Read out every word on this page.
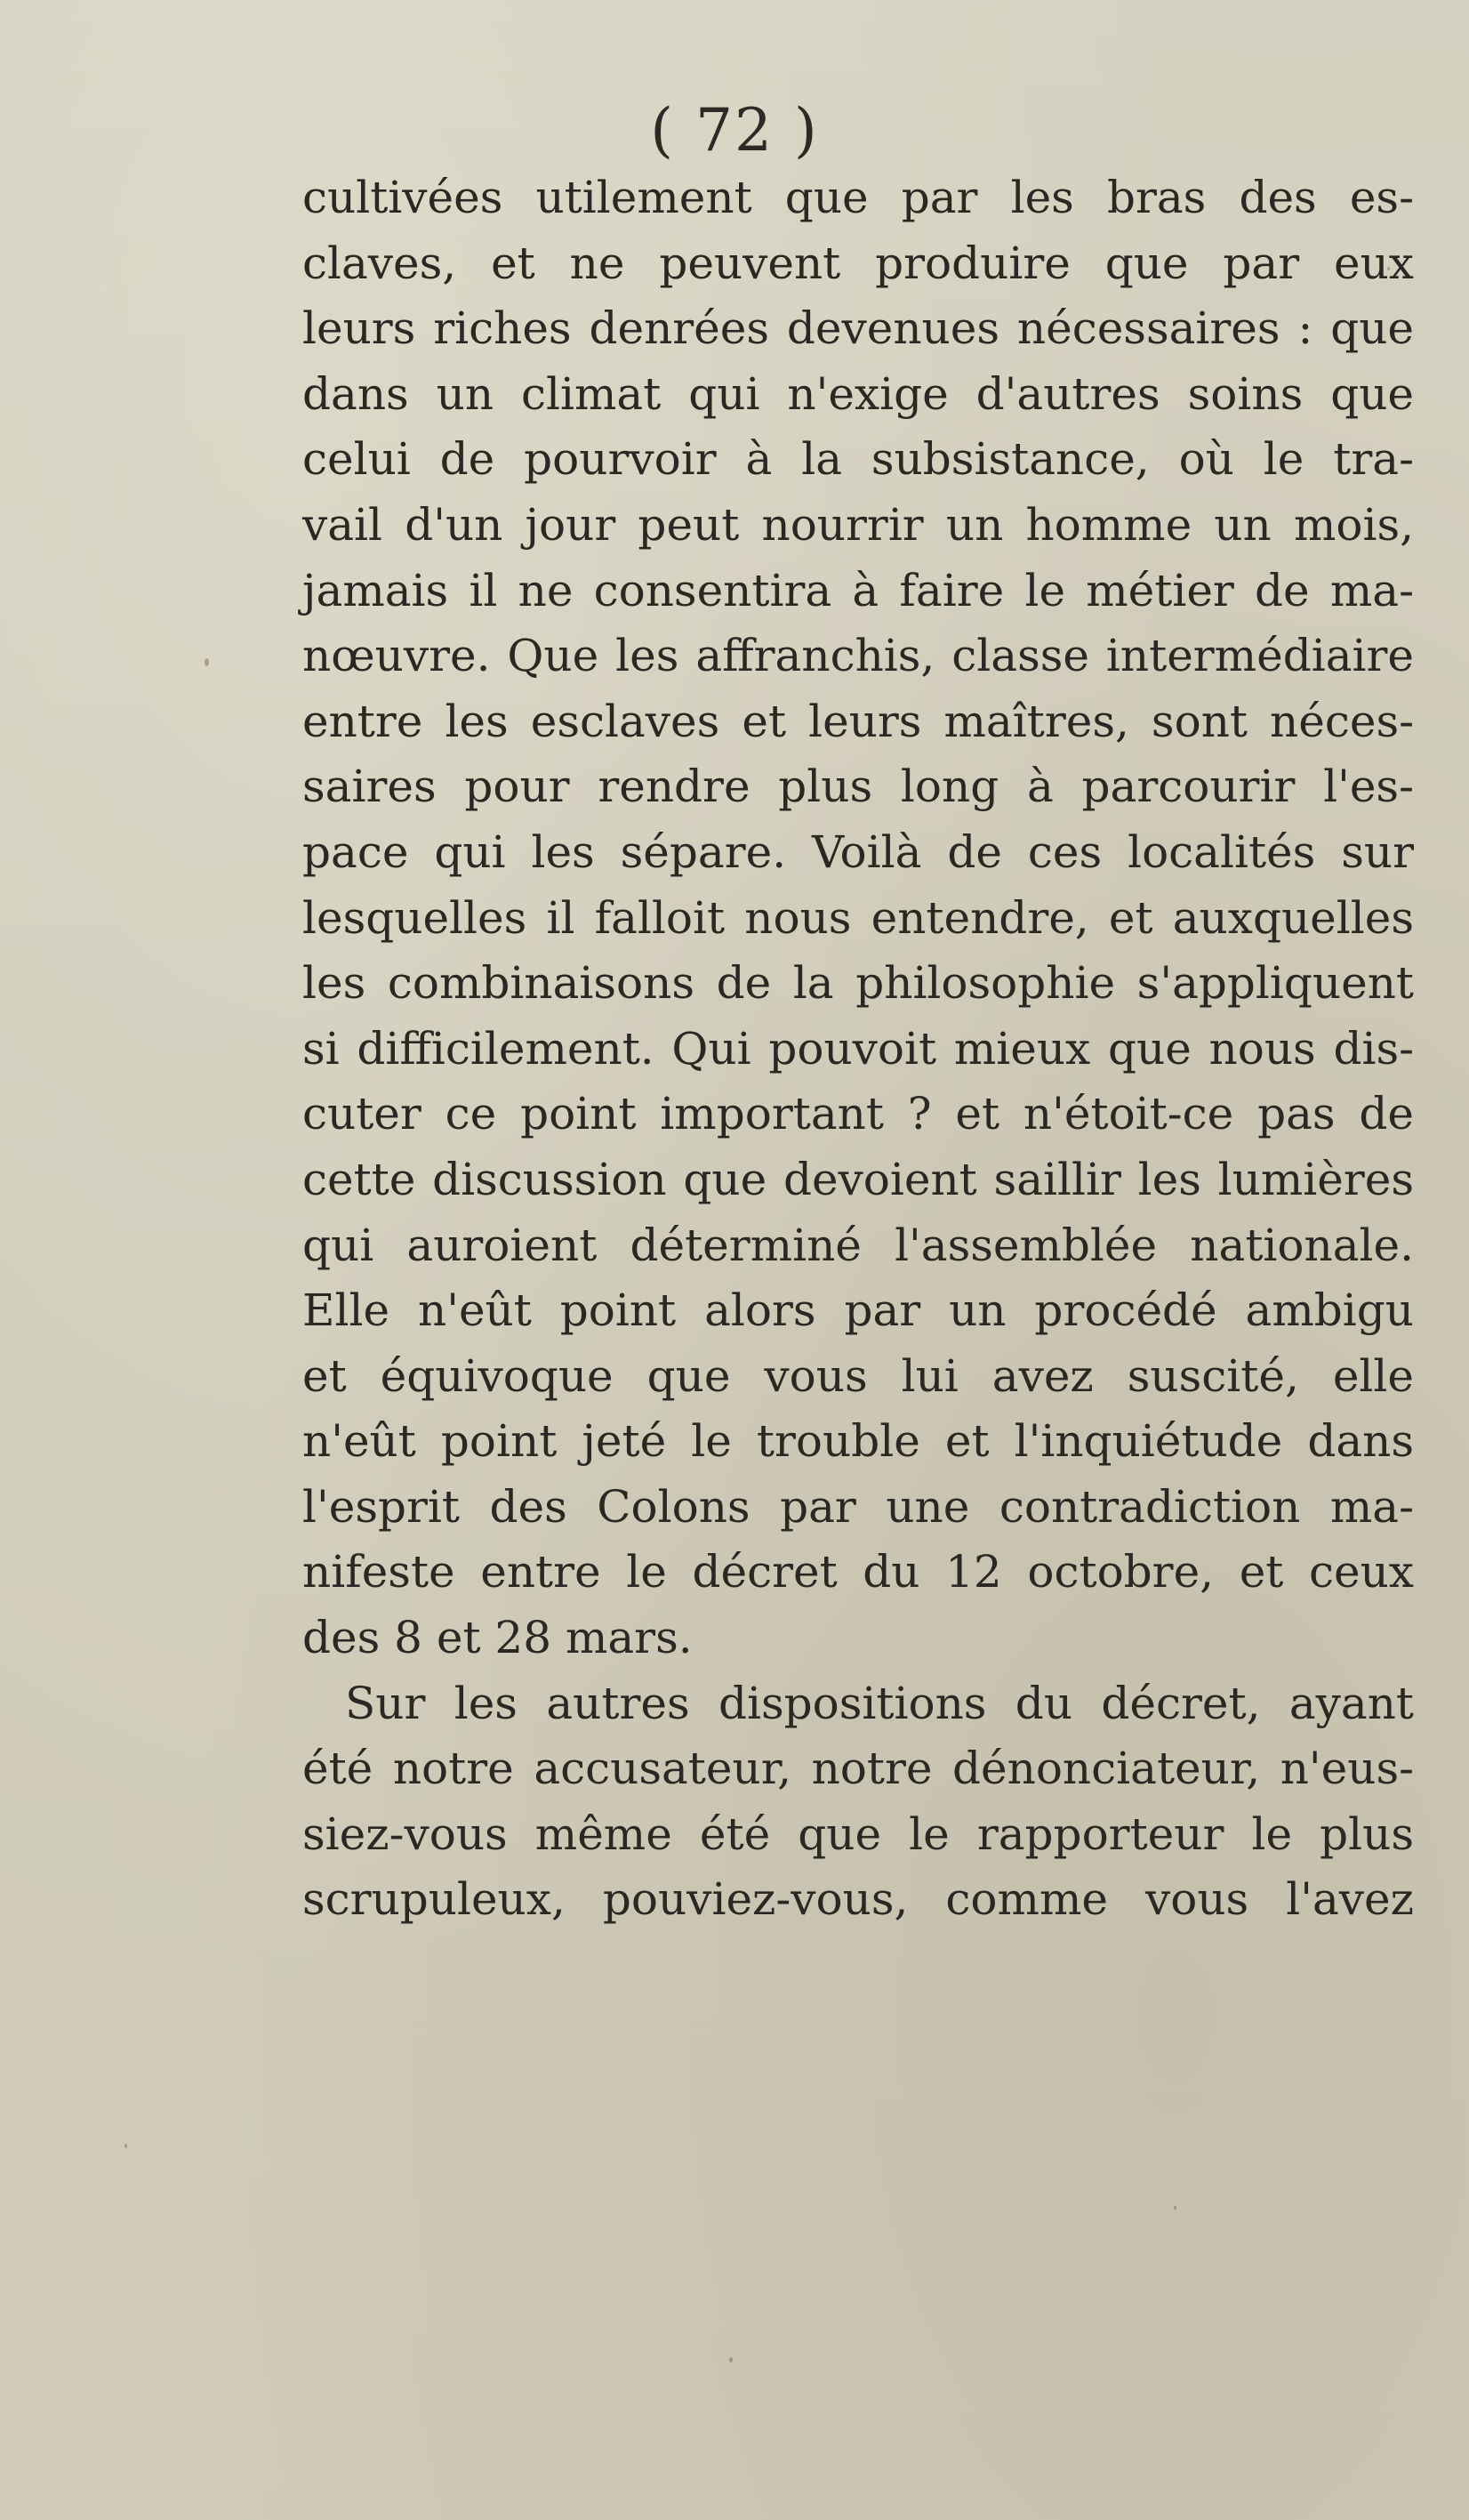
( 72 )
cultivées utilement que par les bras des es-
claves, et ne peuvent produire que par eux
leurs riches denrées devenues nécessaires : que
dans un climat qui n'exige d'autres soins que
celui de pourvoir à la subsistance, où le tra-
vail d'un jour peut nourrir un homme un mois,
jamais il ne consentira à faire le métier de ma-
nœuvre. Que les affranchis, classe intermédiaire
entre les esclaves et leurs maîtres, sont néces-
saires pour rendre plus long à parcourir l'es-
pace qui les sépare. Voilà de ces localités sur
lesquelles il falloit nous entendre, et auxquelles
les combinaisons de la philosophie s'appliquent
si difficilement. Qui pouvoit mieux que nous dis-
cuter ce point important ? et n'étoit-ce pas de
cette discussion que devoient saillir les lumières
qui auroient déterminé l'assemblée nationale.
Elle n'eût point alors par un procédé ambigu
et équivoque que vous lui avez suscité, elle
n'eût point jeté le trouble et l'inquiétude dans
l'esprit des Colons par une contradiction ma-
nifeste entre le décret du 12 octobre, et ceux
des 8 et 28 mars.
Sur les autres dispositions du décret, ayant
été notre accusateur, notre dénonciateur, n'eus-
siez-vous même été que le rapporteur le plus
scrupuleux, pouviez-vous, comme vous l'avez
